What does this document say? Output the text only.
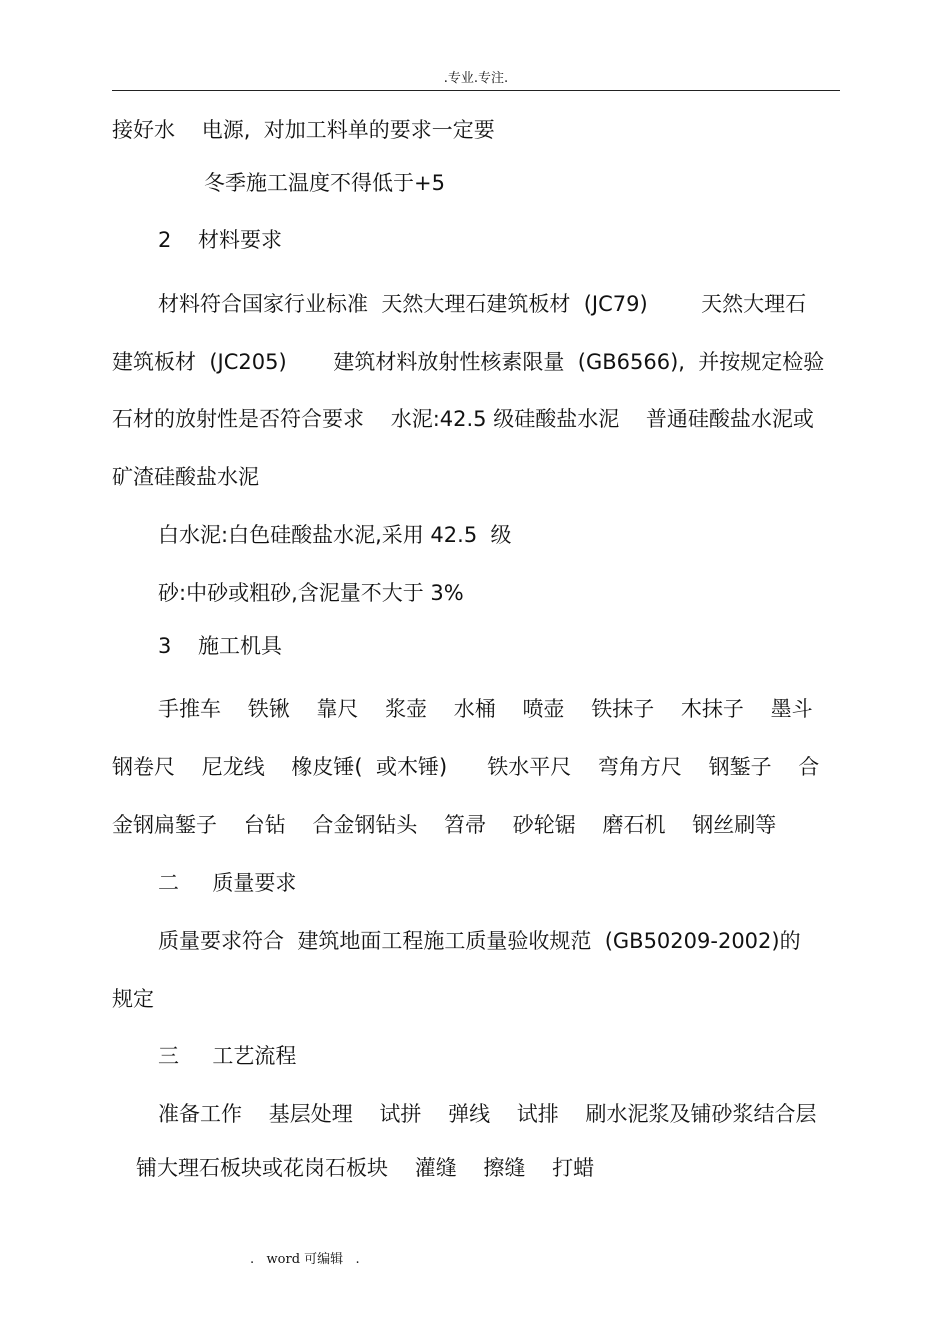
.专业.专注.
接好水    电源,  对加工料单的要求一定要
冬季施工温度不得低于+5
2    材料要求
材料符合国家行业标准  天然大理石建筑板材  (JC79)        天然大理石
建筑板材  (JC205)       建筑材料放射性核素限量  (GB6566),  并按规定检验
石材的放射性是否符合要求    水泥:42.5 级硅酸盐水泥    普通硅酸盐水泥或
矿渣硅酸盐水泥
白水泥:白色硅酸盐水泥,采用 42.5  级
砂:中砂或粗砂,含泥量不大于 3%
3    施工机具
手推车    铁锹    靠尺    浆壶    水桶    喷壶    铁抹子    木抹子    墨斗
钢卷尺    尼龙线    橡皮锤(  或木锤)      铁水平尺    弯角方尺    钢錾子    合
金钢扁錾子    台钻    合金钢钻头    笤帚    砂轮锯    磨石机    钢丝刷等
二     质量要求
质量要求符合  建筑地面工程施工质量验收规范  (GB50209-2002)的
规定
三     工艺流程
准备工作    基层处理    试拼    弹线    试排    刷水泥浆及铺砂浆结合层
铺大理石板块或花岗石板块    灌缝    擦缝    打蜡
.   word 可编辑   .
